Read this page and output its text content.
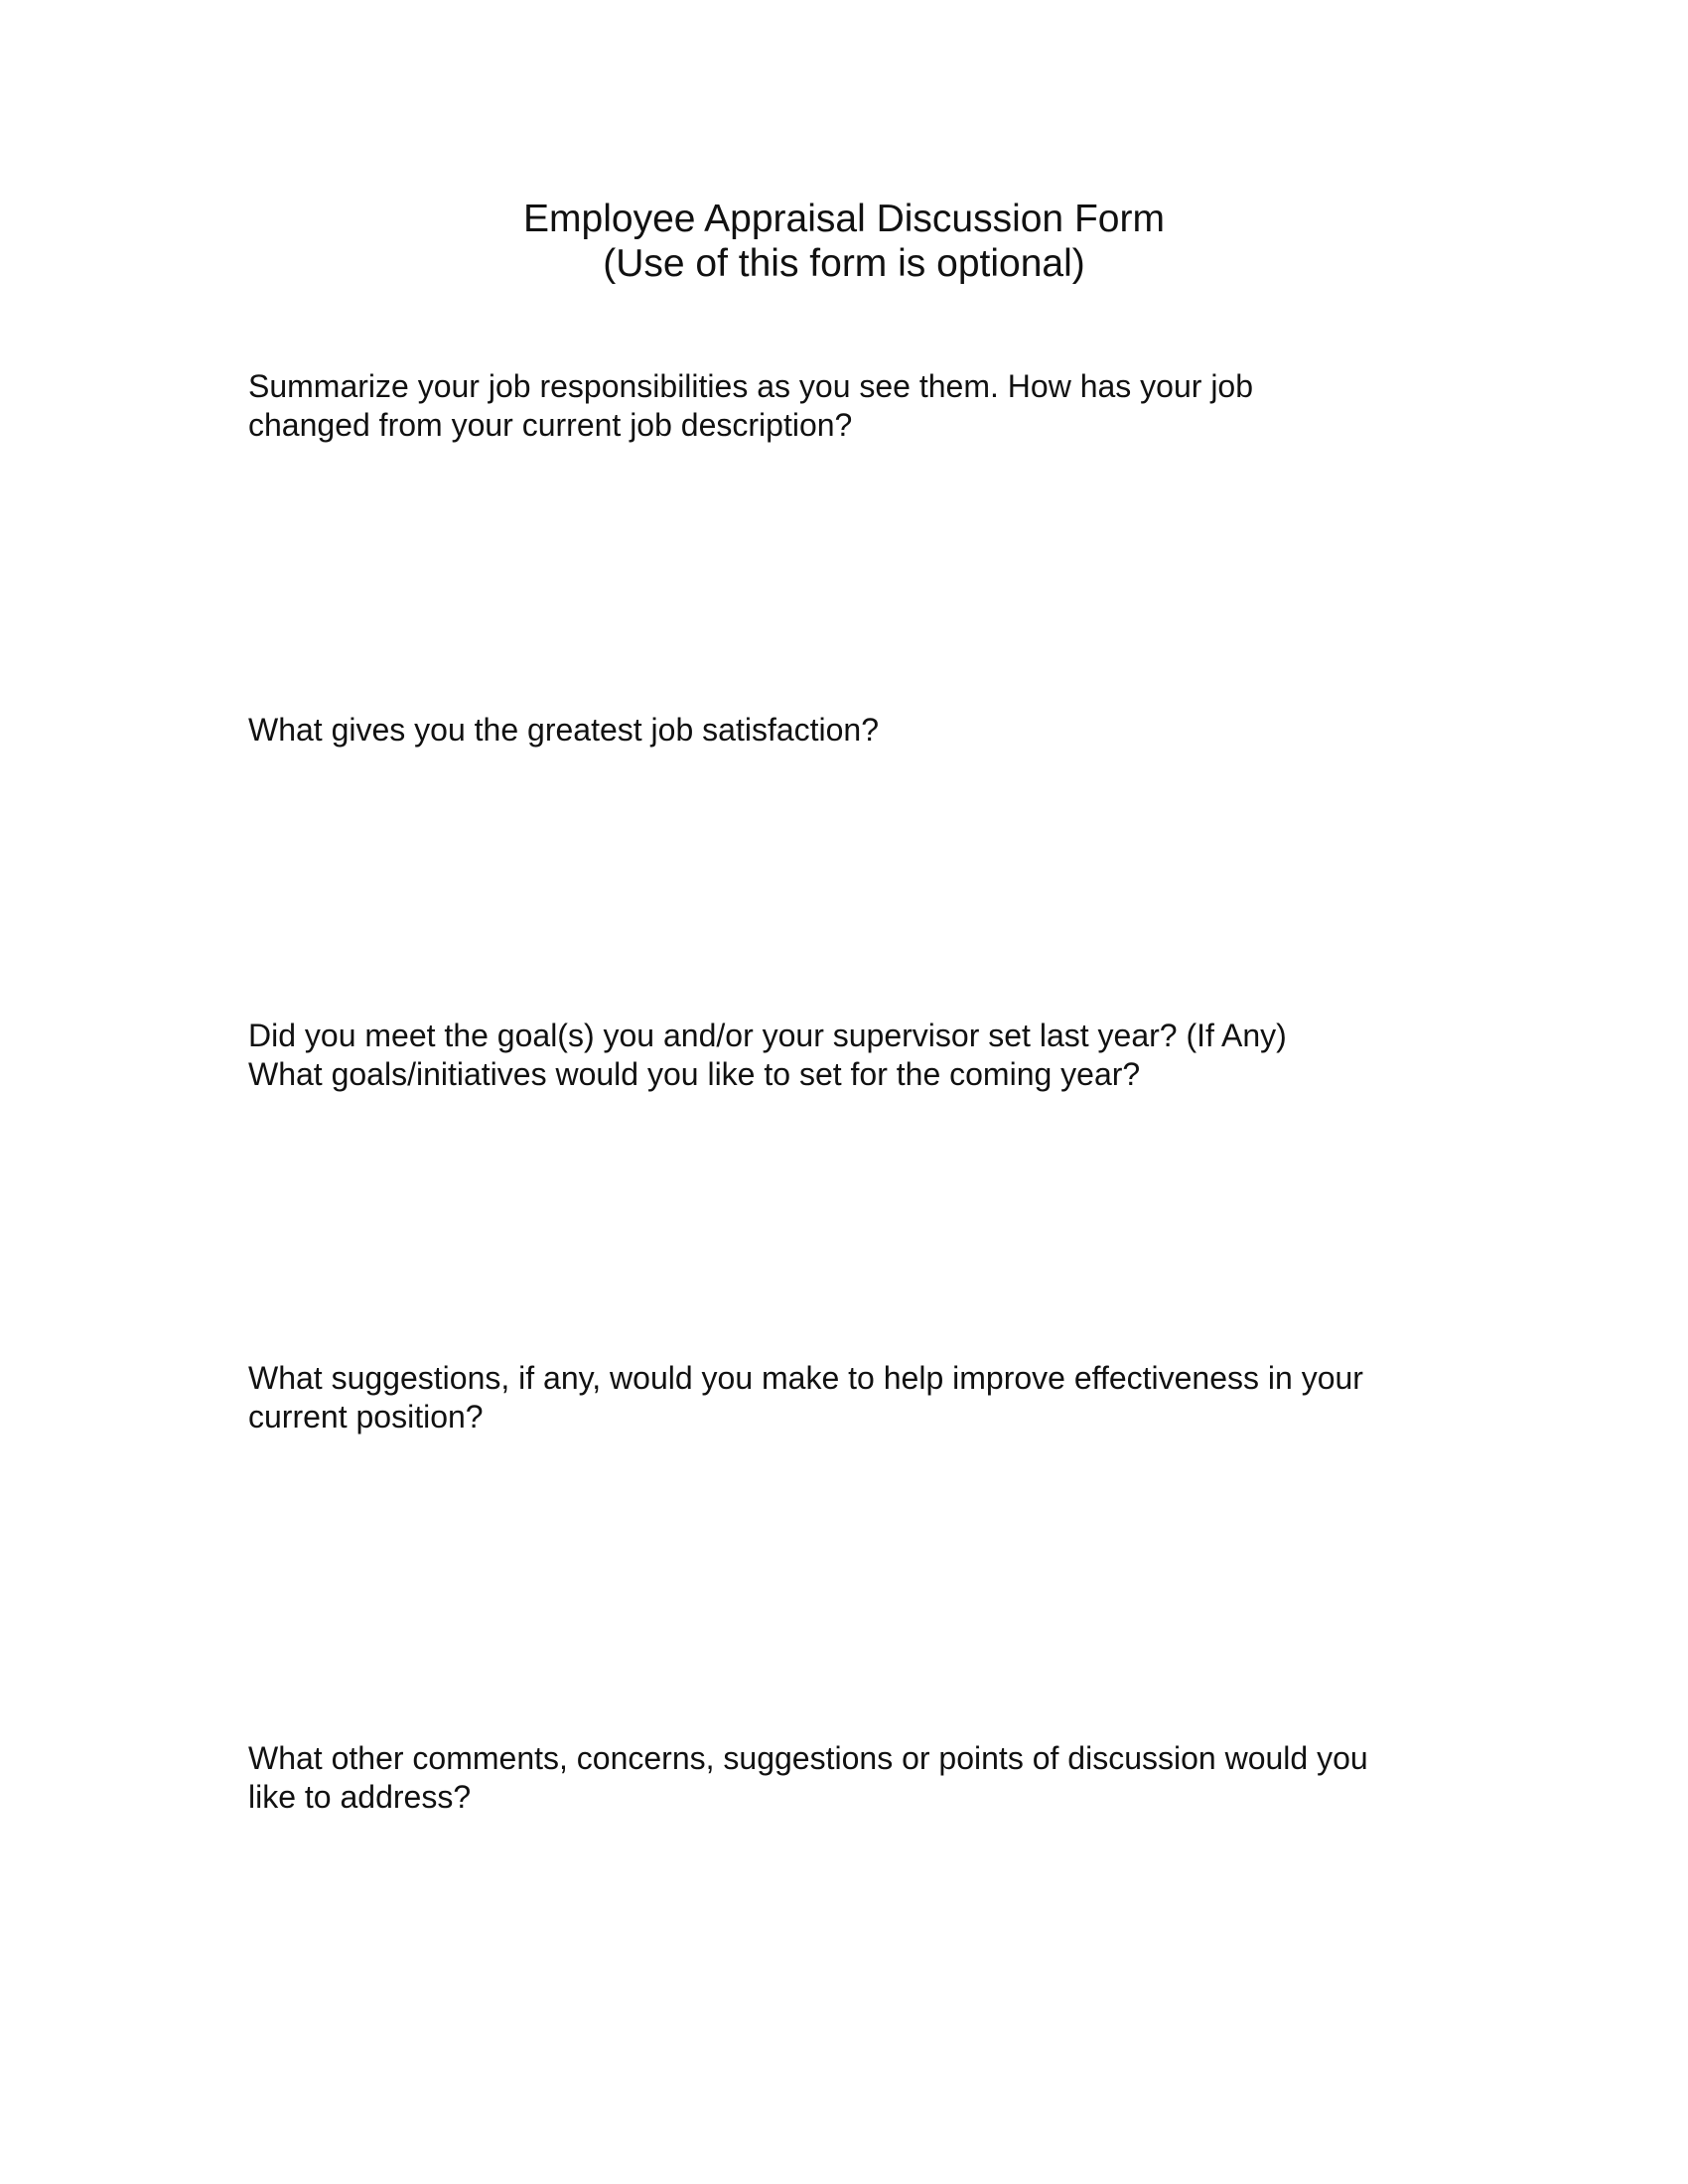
Employee Appraisal Discussion Form
(Use of this form is optional)
Summarize your job responsibilities as you see them. How has your job
changed from your current job description?
What gives you the greatest job satisfaction?
Did you meet the goal(s) you and/or your supervisor set last year? (If Any)
What goals/initiatives would you like to set for the coming year?
What suggestions, if any, would you make to help improve effectiveness in your
current position?
What other comments, concerns, suggestions or points of discussion would you
like to address?
